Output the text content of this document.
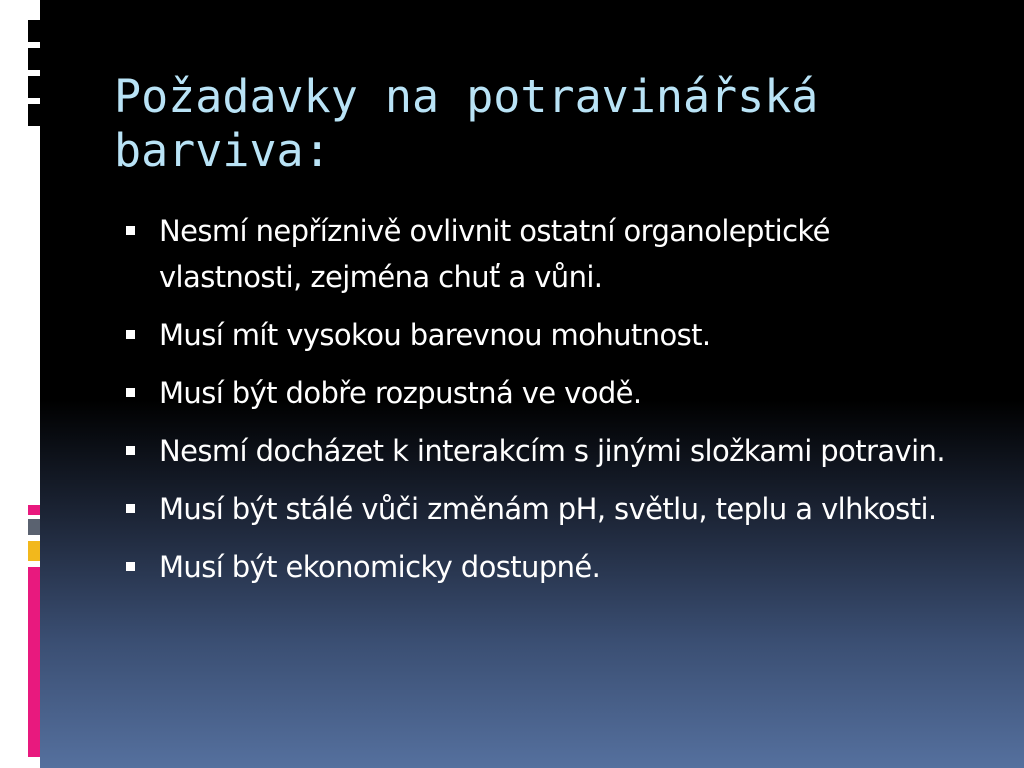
Požadavky na potravinářská barviva:
Nesmí nepříznivě ovlivnit ostatní organoleptické vlastnosti, zejména chuť a vůni.
Musí mít vysokou barevnou mohutnost.
Musí být dobře rozpustná ve vodě.
Nesmí docházet k interakcím s jinými složkami potravin.
Musí být stálé vůči změnám pH, světlu, teplu a vlhkosti.
Musí být ekonomicky dostupné.
